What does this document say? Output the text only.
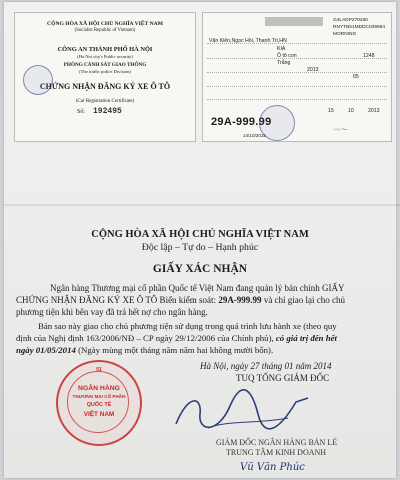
CỘNG HÒA XÃ HỘI CHỦ NGHĨA VIỆT NAM
(Socialist Republic of Vietnam)
CÔNG AN THÀNH PHỐ HÀ NỘI
(Ha Noi city's Public security)
PHÒNG CẢNH SÁT GIAO THÔNG
(The traffic police Division)
CHỨNG NHẬN ĐĂNG KÝ XE Ô TÔ
(Car Registration Certificate)
Số: 192495
G4LADP270260
RNYTB51MDDC039994
MORNING
Văn Kiên,Ngọc Hồi, Thanh Trì,HN
KIA
Ô tô con	1248
Trắng
2013
05
15	10	2013
29A-999.99
14/10/2015
〰〜
CỘNG HÒA XÃ HỘI CHỦ NGHĨA VIỆT NAM
Độc lập – Tự do – Hạnh phúc
GIẤY XÁC NHẬN
Ngân hàng Thương mại cổ phần Quốc tế Việt Nam đang quản lý bản chính GIẤY
CHỨNG NHẬN ĐĂNG KÝ XE Ô TÔ Biển kiểm soát: 29A-999.99 và chỉ giao lại cho chủ
phương tiện khi bên vay đã trả hết nợ cho ngân hàng.
Bản sao này giao cho chủ phương tiện sử dụng trong quá trình lưu hành xe (theo quy
định của Nghị định 163/2006/NĐ – CP ngày 29/12/2006 của Chính phủ), có giá trị đến hết
ngày 01/05/2014 (Ngày mùng một tháng năm năm hai không mười bốn).
Hà Nội, ngày 27 tháng 01 năm 2014
TUQ TỔNG GIÁM ĐỐC
NGÂN HÀNG
THƯƠNG MẠI CỔ PHẦN
QUỐC TẾ
VIỆT NAM
01
GIÁM ĐỐC NGÂN HÀNG BÁN LẺ
TRUNG TÂM KINH DOANH
Vũ Văn Phúc
